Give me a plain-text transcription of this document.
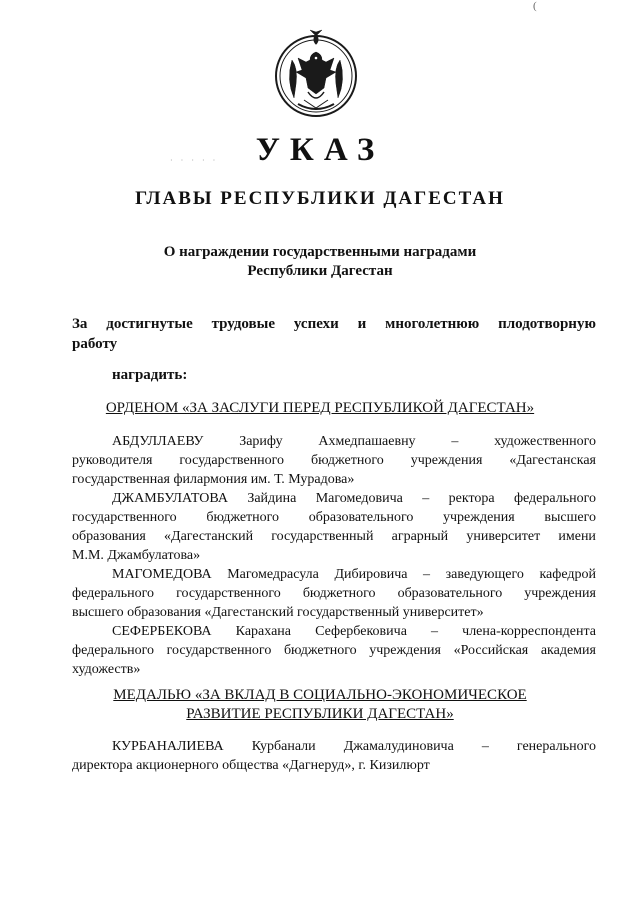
(
· · · · ·	УКАЗ
ГЛАВЫ РЕСПУБЛИКИ ДАГЕСТАН
О награждении государственными наградами
Республики Дагестан
За достигнутые трудовые успехи и многолетнюю плодотворную
работу
наградить:
ОРДЕНОМ «ЗА ЗАСЛУГИ ПЕРЕД РЕСПУБЛИКОЙ ДАГЕСТАН»
АБДУЛЛАЕВУ	Зарифу	Ахмедпашаевну	–	художественного
руководителя государственного бюджетного учреждения «Дагестанская
государственная филармония им. Т. Мурадова»
ДЖАМБУЛАТОВА Зайдина Магомедовича – ректора федерального
государственного бюджетного образовательного учреждения высшего
образования «Дагестанский государственный аграрный университет имени
М.М. Джамбулатова»
МАГОМЕДОВА Магомедрасула Дибировича – заведующего кафедрой
федерального государственного бюджетного образовательного учреждения
высшего образования «Дагестанский государственный университет»
СЕФЕРБЕКОВА Карахана Сефербековича – члена-корреспондента
федерального государственного бюджетного учреждения «Российская академия
художеств»
МЕДАЛЬЮ «ЗА ВКЛАД В СОЦИАЛЬНО-ЭКОНОМИЧЕСКОЕ
РАЗВИТИЕ РЕСПУБЛИКИ ДАГЕСТАН»
КУРБАНАЛИЕВА Курбанали Джамалудиновича – генерального
директора акционерного общества «Дагнеруд», г. Кизилюрт
